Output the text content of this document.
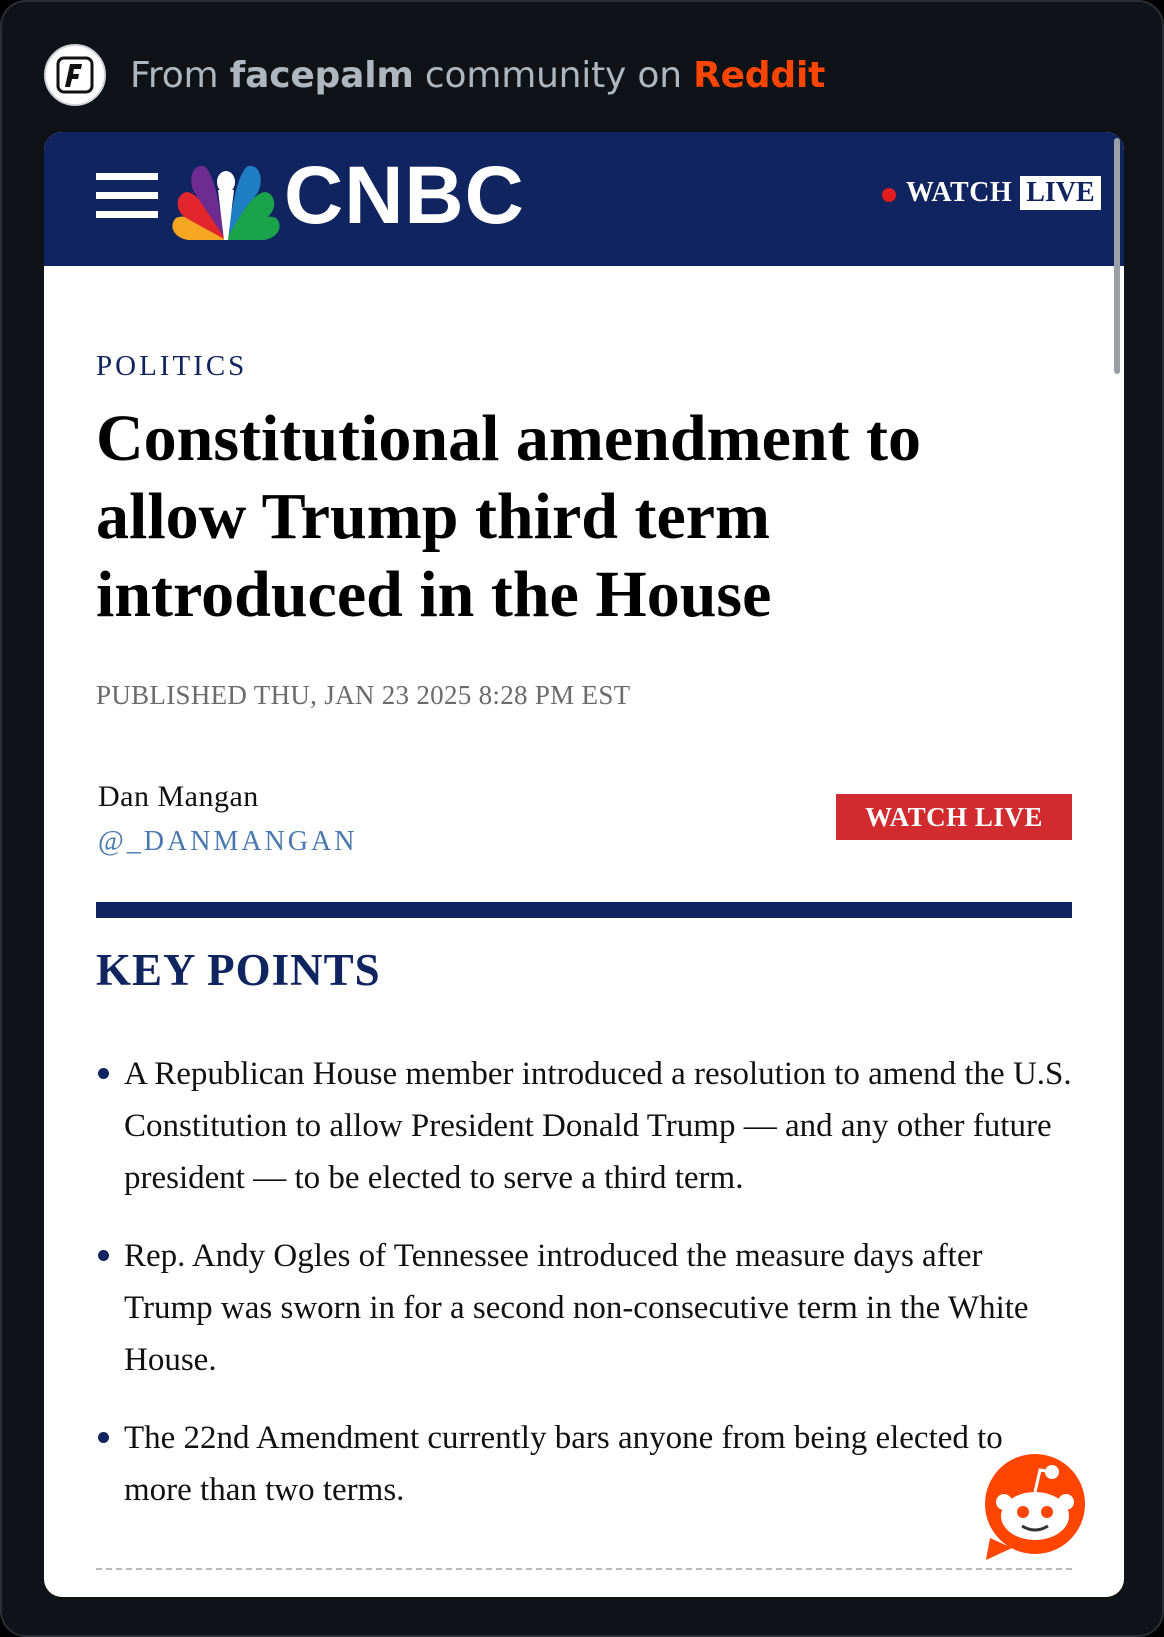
From facepalm community on Reddit
CNBC	WATCH LIVE
POLITICS
Constitutional amendment to allow Trump third term introduced in the House
PUBLISHED THU, JAN 23 2025 8:28 PM EST
Dan Mangan
@_DANMANGAN
WATCH LIVE
KEY POINTS
A Republican House member introduced a resolution to amend the U.S. Constitution to allow President Donald Trump — and any other future president — to be elected to serve a third term.
Rep. Andy Ogles of Tennessee introduced the measure days after Trump was sworn in for a second non-consecutive term in the White House.
The 22nd Amendment currently bars anyone from being elected to more than two terms.
